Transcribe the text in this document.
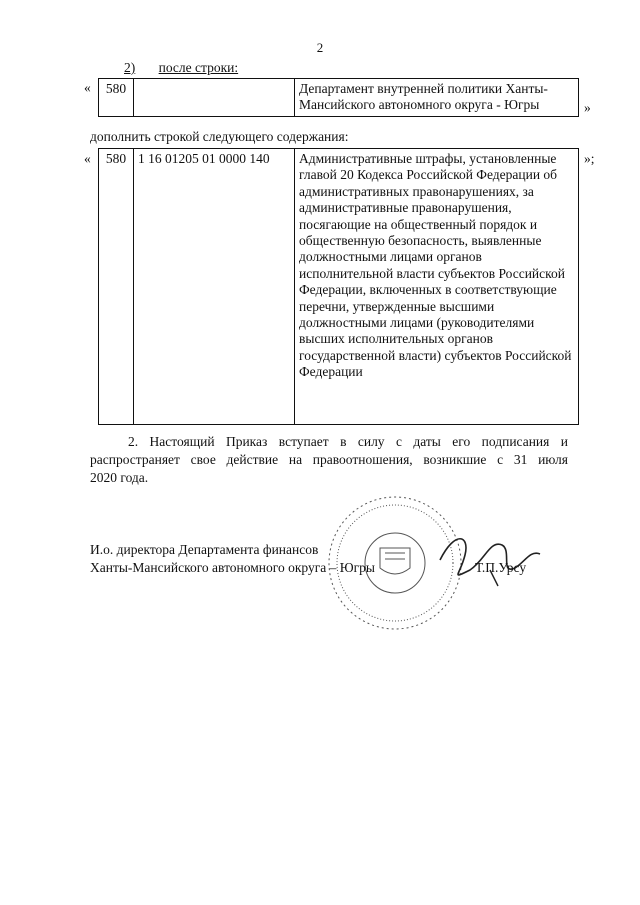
2
2) после строки:
« 580		Департамент внутренней политики Ханты-Мансийского автономного округа - Югры	»
дополнить строкой следующего содержания:
« 580	1 16 01205 01 0000 140	Административные штрафы, установленные главой 20 Кодекса Российской Федерации об административных правонарушениях, за административные правонарушения, посягающие на общественный порядок и общественную безопасность, выявленные должностными лицами органов исполнительной власти субъектов Российской Федерации, включенных в соответствующие перечни, утвержденные высшими должностными лицами (руководителями высших исполнительных органов государственной власти) субъектов Российской Федерации
»;
2. Настоящий Приказ вступает в силу с даты его подписания и
распространяет свое действие на правоотношения, возникшие с 31 июля
2020 года.
И.о. директора Департамента финансов
Ханты-Мансийского автономного округа – Югры	Т.П.Урсу
